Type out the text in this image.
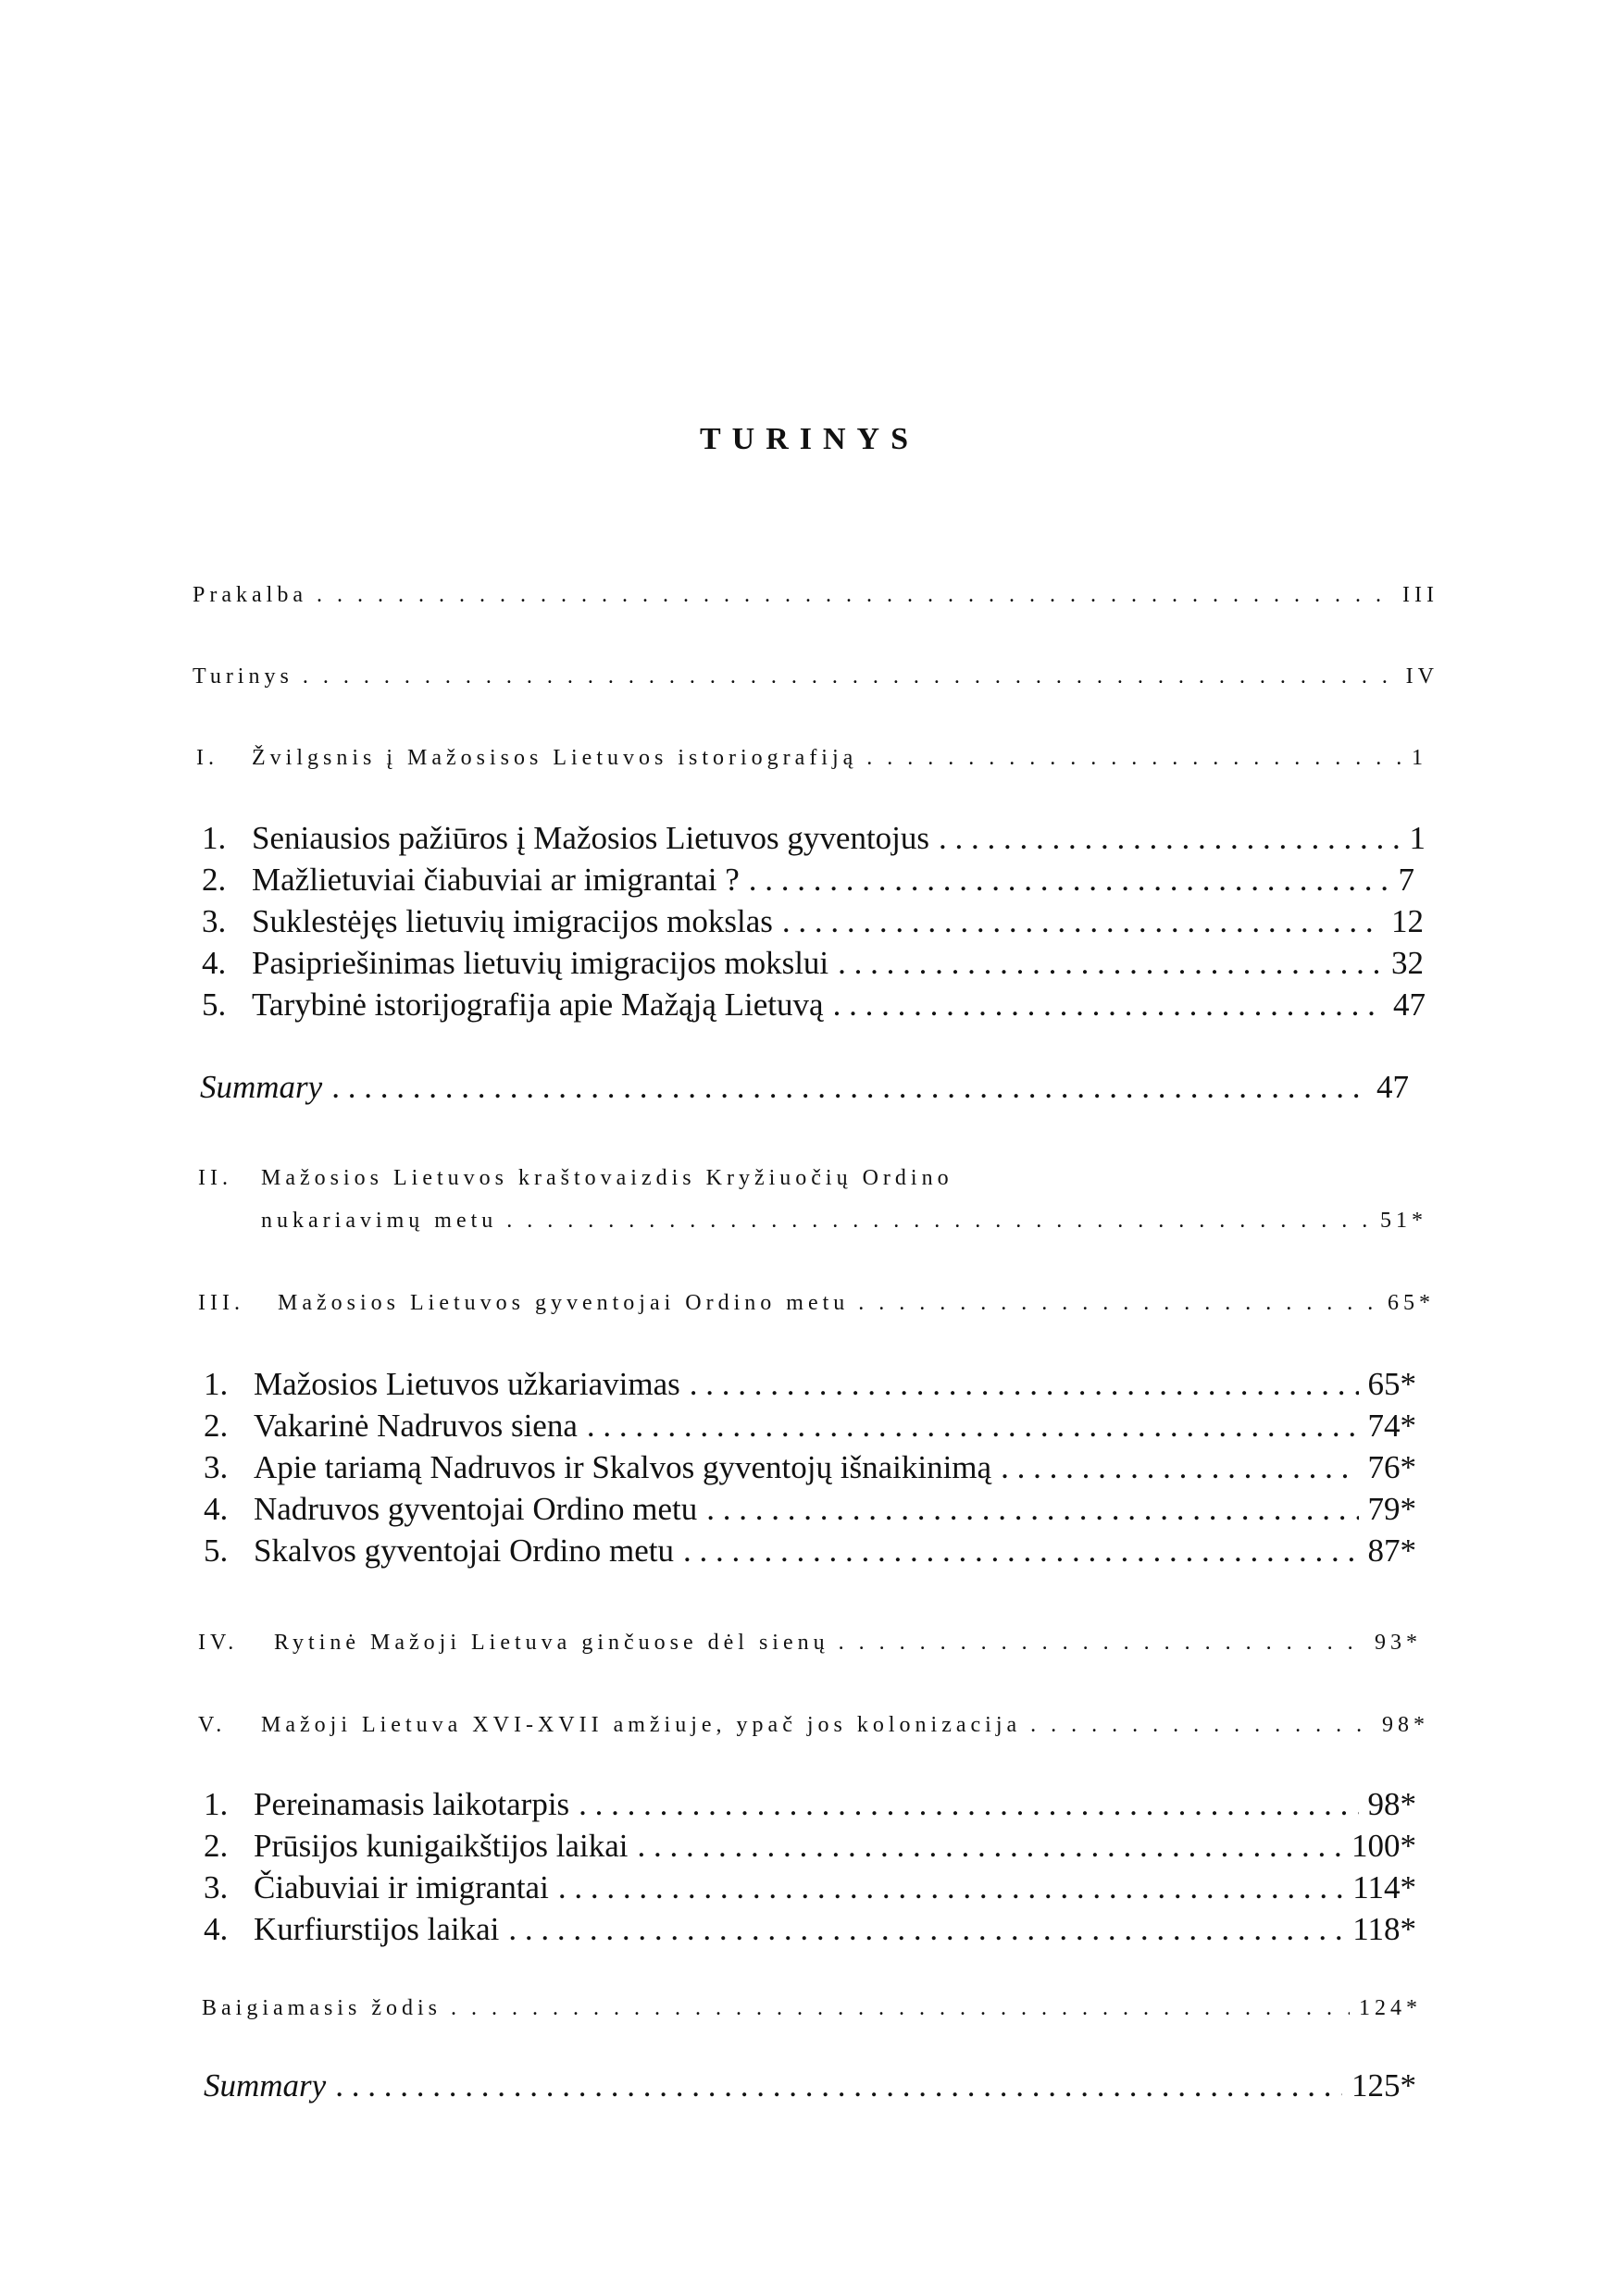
TURINYS
Prakalba . . .	III
Turinys . . .	IV
I. Žvilgsnis į Mažosisos Lietuvos istoriografiją . . .	1
1. Seniausios pažiūros į Mažosios Lietuvos gyventojus . . .	1
2. Mažlietuviai čiabuviai ar imigrantai ? . . .	7
3. Suklestėjęs lietuvių imigracijos mokslas . . .	12
4. Pasipriešinimas lietuvių imigracijos mokslui . . .	32
5. Tarybinė istorijografija apie Mažąją Lietuvą . . .	47
Summary . . .	47
II. Mažosios Lietuvos kraštovaizdis Kryžiuočių Ordino
nukariavimų metu . . .	51*
III. Mažosios Lietuvos gyventojai Ordino metu . . .	65*
1. Mažosios Lietuvos užkariavimas . . .	65*
2. Vakarinė Nadruvos siena . . .	74*
3. Apie tariamą Nadruvos ir Skalvos gyventojų išnaikinimą . . .	76*
4. Nadruvos gyventojai Ordino metu . . .	79*
5. Skalvos gyventojai Ordino metu . . .	87*
IV. Rytinė Mažoji Lietuva ginčuose dėl sienų . . .	93*
V. Mažoji Lietuva XVI-XVII amžiuje, ypač jos kolonizacija . . .	98*
1. Pereinamasis laikotarpis . . .	98*
2. Prūsijos kunigaikštijos laikai . . .	100*
3. Čiabuviai ir imigrantai . . .	114*
4. Kurfiurstijos laikai . . .	118*
Baigiamasis žodis . . .	124*
Summary . . .	125*
